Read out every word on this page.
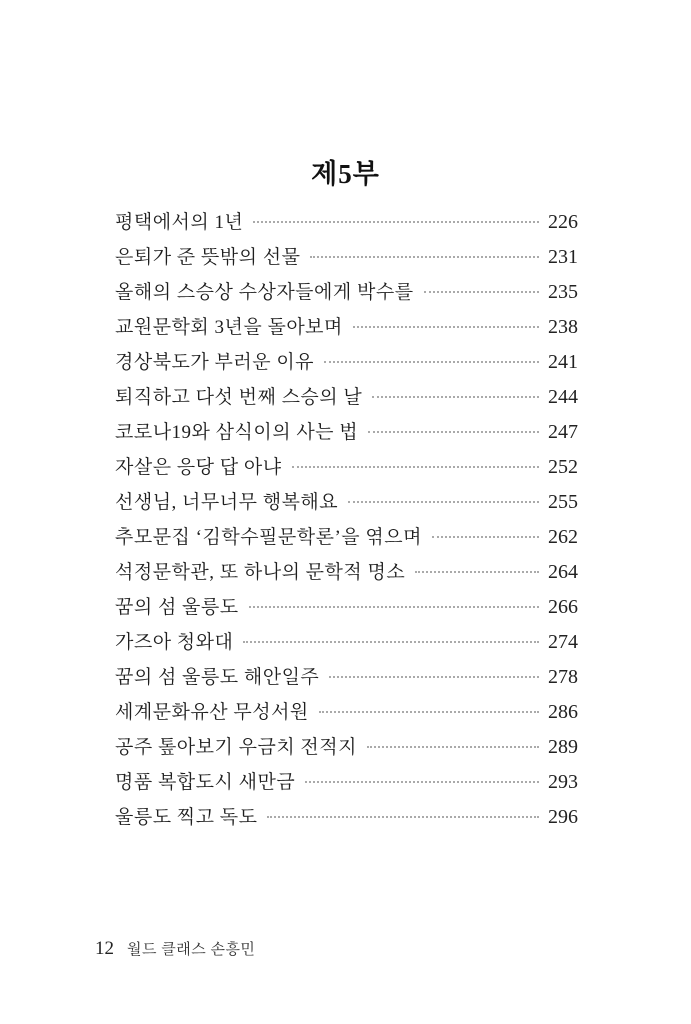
제5부
평택에서의 1년	226
은퇴가 준 뜻밖의 선물	231
올해의 스승상 수상자들에게 박수를	235
교원문학회 3년을 돌아보며	238
경상북도가 부러운 이유	241
퇴직하고 다섯 번째 스승의 날	244
코로나19와 삼식이의 사는 법	247
자살은 응당 답 아냐	252
선생님, 너무너무 행복해요	255
추모문집 ‘김학수필문학론’을 엮으며	262
석정문학관, 또 하나의 문학적 명소	264
꿈의 섬 울릉도	266
가즈아 청와대	274
꿈의 섬 울릉도 해안일주	278
세계문화유산 무성서원	286
공주 톺아보기 우금치 전적지	289
명품 복합도시 새만금	293
울릉도 찍고 독도	296
12 월드 클래스 손흥민
